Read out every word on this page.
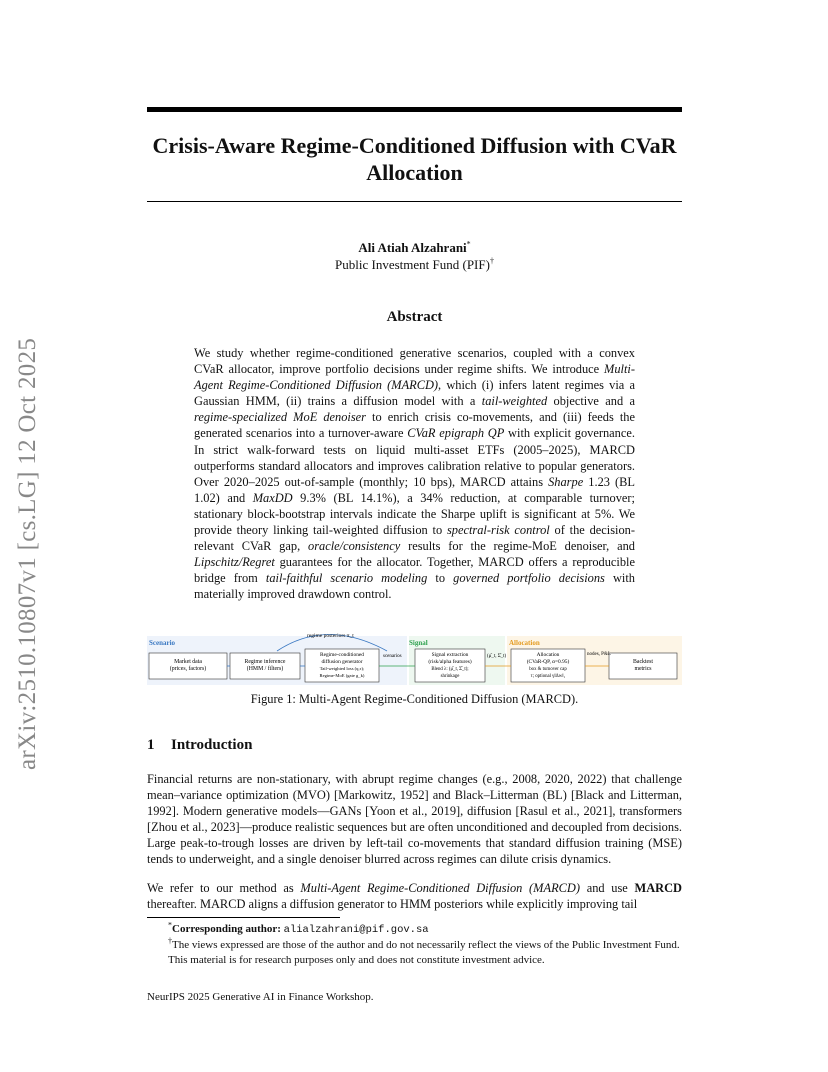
arXiv:2510.10807v1 [cs.LG] 12 Oct 2025
Crisis-Aware Regime-Conditioned Diffusion with CVaR Allocation
Ali Atiah Alzahrani*
Public Investment Fund (PIF)†
Abstract
We study whether regime-conditioned generative scenarios, coupled with a convex CVaR allocator, improve portfolio decisions under regime shifts. We introduce Multi-Agent Regime-Conditioned Diffusion (MARCD), which (i) infers latent regimes via a Gaussian HMM, (ii) trains a diffusion model with a tail-weighted objective and a regime-specialized MoE denoiser to enrich crisis co-movements, and (iii) feeds the generated scenarios into a turnover-aware CVaR epigraph QP with explicit governance. In strict walk-forward tests on liquid multi-asset ETFs (2005–2025), MARCD outperforms standard allocators and improves calibration relative to popular generators. Over 2020–2025 out-of-sample (monthly; 10 bps), MARCD attains Sharpe 1.23 (BL 1.02) and MaxDD 9.3% (BL 14.1%), a 34% reduction, at comparable turnover; stationary block-bootstrap intervals indicate the Sharpe uplift is significant at 5%. We provide theory linking tail-weighted diffusion to spectral-risk control of the decision-relevant CVaR gap, oracle/consistency results for the regime-MoE denoiser, and Lipschitz/Regret guarantees for the allocator. Together, MARCD offers a reproducible bridge from tail-faithful scenario modeling to governed portfolio decisions with materially improved drawdown control.
Scenario	Signal	Allocation
regime posteriors π_t
Market data
(prices, factors)
Regime inference
(HMM / filters)
Regime-conditioned
diffusion generator
Tail-weighted loss (q,τ);
Regime-MoE (gate g_k)
Signal extraction
(risk/alpha features)
Blend λ: (μ̂_t, Σ̂_t);
shrinkage
Allocation
(CVaR-QP, α=0.95)
box & turnover cap
τ; optional γ‖Δw‖₁
Backtest
metrics
scenarios	(μ̂_t, Σ̂_t)	nodes, P&L
Figure 1: Multi-Agent Regime-Conditioned Diffusion (MARCD).
1 Introduction
Financial returns are non-stationary, with abrupt regime changes (e.g., 2008, 2020, 2022) that challenge mean–variance optimization (MVO) [Markowitz, 1952] and Black–Litterman (BL) [Black and Litterman, 1992]. Modern generative models—GANs [Yoon et al., 2019], diffusion [Rasul et al., 2021], transformers [Zhou et al., 2023]—produce realistic sequences but are often unconditioned and decoupled from decisions. Large peak-to-trough losses are driven by left-tail co-movements that standard diffusion training (MSE) tends to underweight, and a single denoiser blurred across regimes can dilute crisis dynamics.
We refer to our method as Multi-Agent Regime-Conditioned Diffusion (MARCD) and use MARCD thereafter. MARCD aligns a diffusion generator to HMM posteriors while explicitly improving tail
*Corresponding author: alialzahrani@pif.gov.sa
†The views expressed are those of the author and do not necessarily reflect the views of the Public Investment Fund. This material is for research purposes only and does not constitute investment advice.
NeurIPS 2025 Generative AI in Finance Workshop.
